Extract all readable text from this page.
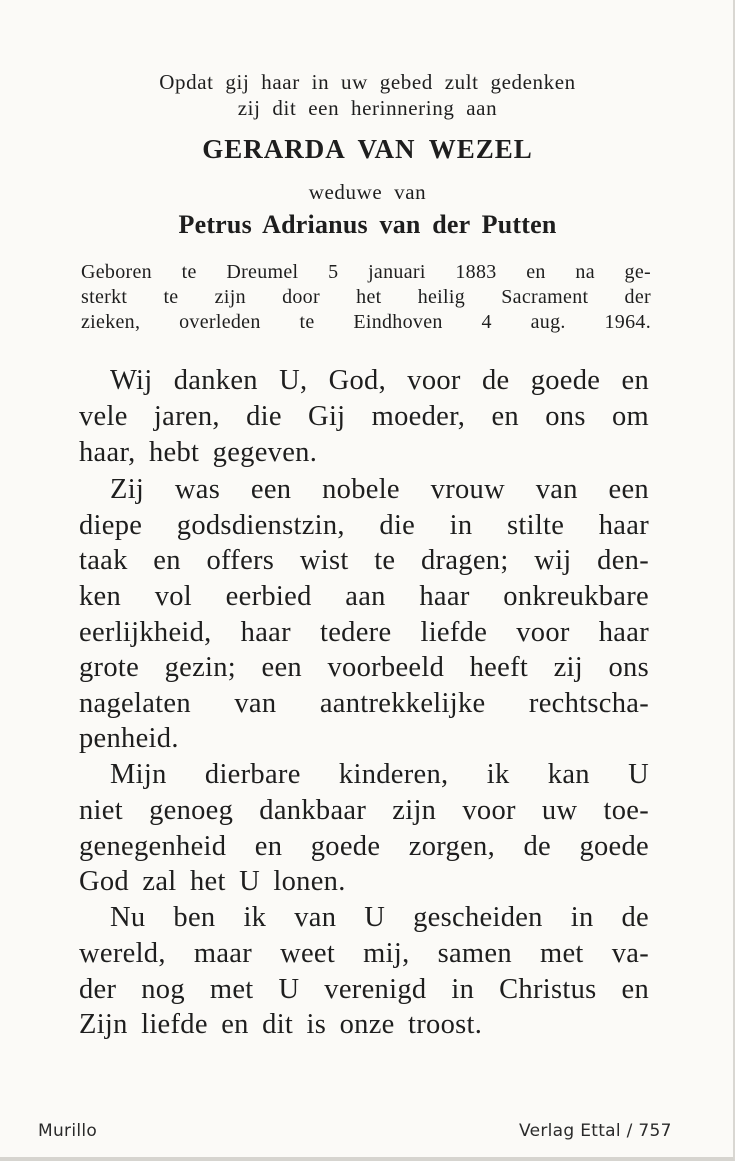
Opdat gij haar in uw gebed zult gedenken
zij dit een herinnering aan
GERARDA VAN WEZEL
weduwe van
Petrus Adrianus van der Putten
Geboren te Dreumel 5 januari 1883 en na ge-
sterkt te zijn door het heilig Sacrament der
zieken, overleden te Eindhoven 4 aug. 1964.
Wij danken U, God, voor de goede en
vele jaren, die Gij moeder, en ons om
haar, hebt gegeven.
Zij was een nobele vrouw van een
diepe godsdienstzin, die in stilte haar
taak en offers wist te dragen; wij den-
ken vol eerbied aan haar onkreukbare
eerlijkheid, haar tedere liefde voor haar
grote gezin; een voorbeeld heeft zij ons
nagelaten van aantrekkelijke rechtscha-
penheid.
Mijn dierbare kinderen, ik kan U
niet genoeg dankbaar zijn voor uw toe-
genegenheid en goede zorgen, de goede
God zal het U lonen.
Nu ben ik van U gescheiden in de
wereld, maar weet mij, samen met va-
der nog met U verenigd in Christus en
Zijn liefde en dit is onze troost.
Murillo	Verlag Ettal / 757
